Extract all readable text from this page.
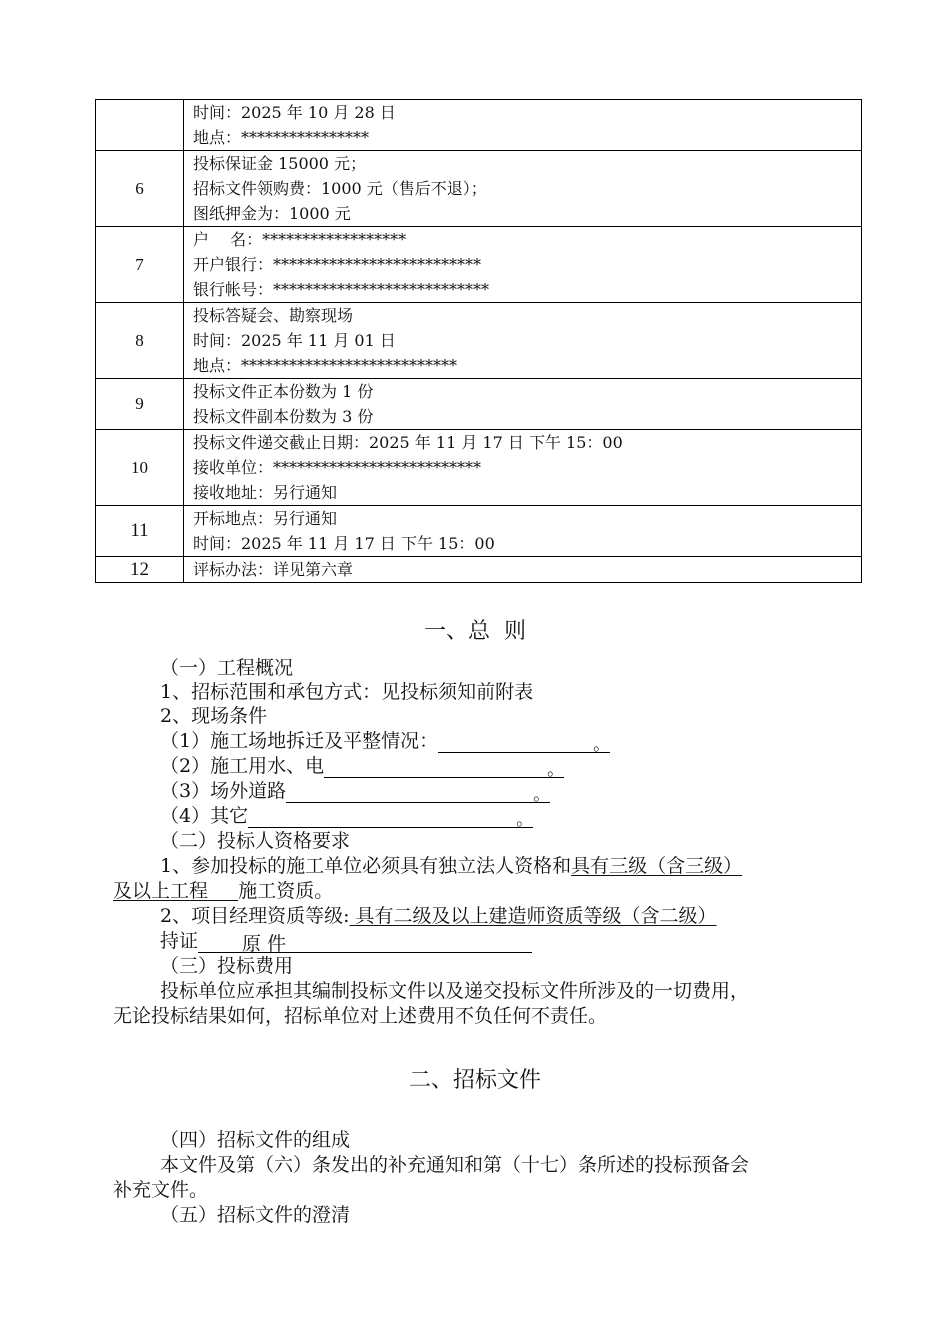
	时间：2025 年 10 月 28 日
地点：****************

6	投标保证金 15000 元；
招标文件领购费：1000 元（售后不退）；
图纸押金为：1000 元

7	户　 名：******************
开户银行：**************************
银行帐号：***************************

8	投标答疑会、勘察现场
时间：2025 年 11 月 01 日
地点：***************************

9	投标文件正本份数为 1 份
投标文件副本份数为 3 份

10	投标文件递交截止日期：2025 年 11 月 17 日 下午 15：00
接收单位：**************************
接收地址：另行通知

11	开标地点：另行通知
时间：2025 年 11 月 17 日 下午 15：00

12	评标办法：详见第六章
一、总  则
（一）工程概况
1、招标范围和承包方式：见投标须知前附表
2、现场条件
（1）施工场地拆迁及平整情况：	。
（2）施工用水、电	。
（3）场外道路	。
（4）其它	。
（二）投标人资格要求
1、参加投标的施工单位必须具有独立法人资格和具有三级（含三级）
及以上工程 施工资质。
2、项目经理资质等级: 具有二级及以上建造师资质等级（含二级）
持证 原 件
（三）投标费用
投标单位应承担其编制投标文件以及递交投标文件所涉及的一切费用，
无论投标结果如何，招标单位对上述费用不负任何不责任。
二、招标文件
（四）招标文件的组成
本文件及第（六）条发出的补充通知和第（十七）条所述的投标预备会
补充文件。
（五）招标文件的澄清
